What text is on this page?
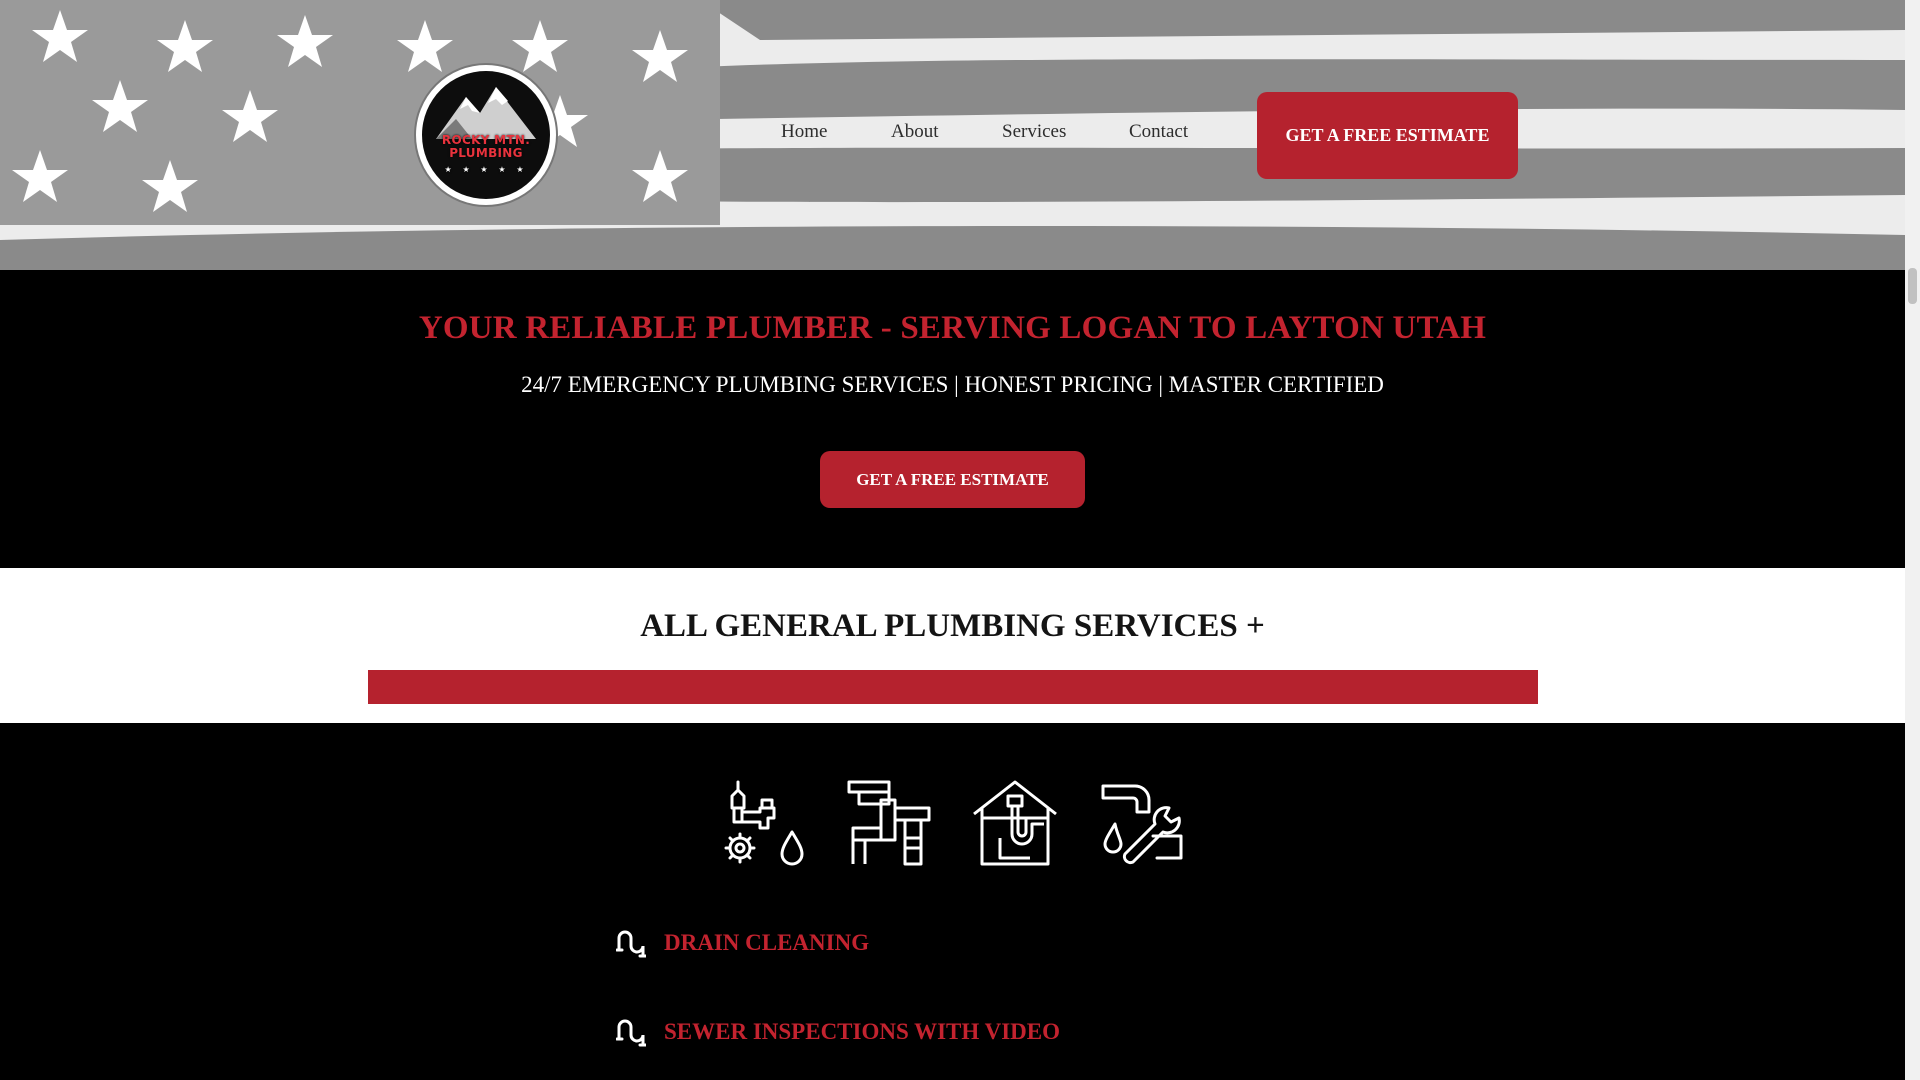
ROCKY MTN.
PLUMBING
★ ★ ★ ★ ★
Home	About	Services	Contact	GET A FREE ESTIMATE
YOUR RELIABLE PLUMBER - SERVING LOGAN TO LAYTON UTAH

24/7 EMERGENCY PLUMBING SERVICES | HONEST PRICING | MASTER CERTIFIED

GET A FREE ESTIMATE
ALL GENERAL PLUMBING SERVICES +
DRAIN CLEANING
SEWER INSPECTIONS WITH VIDEO
